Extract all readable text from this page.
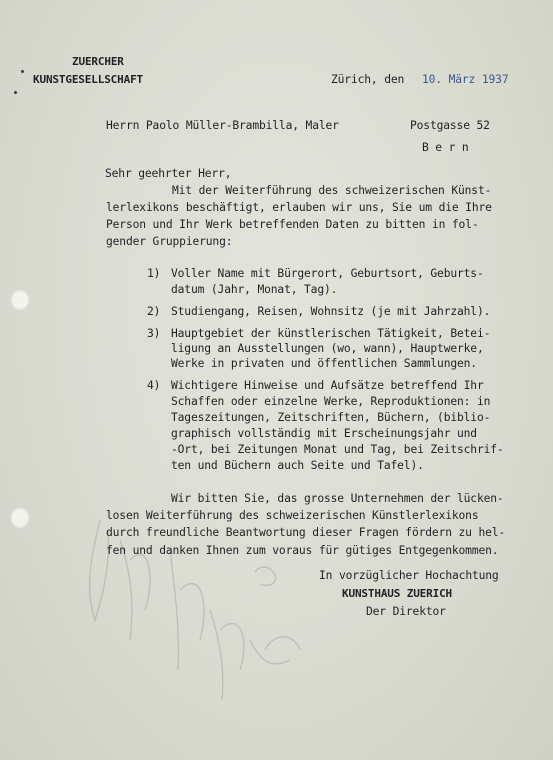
ZUERCHER
KUNSTGESELLSCHAFT	Zürich, den 10. März 1937
Herrn Paolo Müller-Brambilla, Maler	Postgasse 52
B e r n
Sehr geehrter Herr,
Mit der Weiterführung des schweizerischen Künst-
lerlexikons beschäftigt, erlauben wir uns, Sie um die Ihre
Person und Ihr Werk betreffenden Daten zu bitten in fol-
gender Gruppierung:
1) Voller Name mit Bürgerort, Geburtsort, Geburts-
datum (Jahr, Monat, Tag).
2) Studiengang, Reisen, Wohnsitz (je mit Jahrzahl).
3) Hauptgebiet der künstlerischen Tätigkeit, Betei-
ligung an Ausstellungen (wo, wann), Hauptwerke,
Werke in privaten und öffentlichen Sammlungen.
4) Wichtigere Hinweise und Aufsätze betreffend Ihr
Schaffen oder einzelne Werke, Reproduktionen: in
Tageszeitungen, Zeitschriften, Büchern, (biblio-
graphisch vollständig mit Erscheinungsjahr und
-Ort, bei Zeitungen Monat und Tag, bei Zeitschrif-
ten und Büchern auch Seite und Tafel).
Wir bitten Sie, das grosse Unternehmen der lücken-
losen Weiterführung des schweizerischen Künstlerlexikons
durch freundliche Beantwortung dieser Fragen fördern zu hel-
fen und danken Ihnen zum voraus für gütiges Entgegenkommen.
In vorzüglicher Hochachtung
KUNSTHAUS ZUERICH
Der Direktor
